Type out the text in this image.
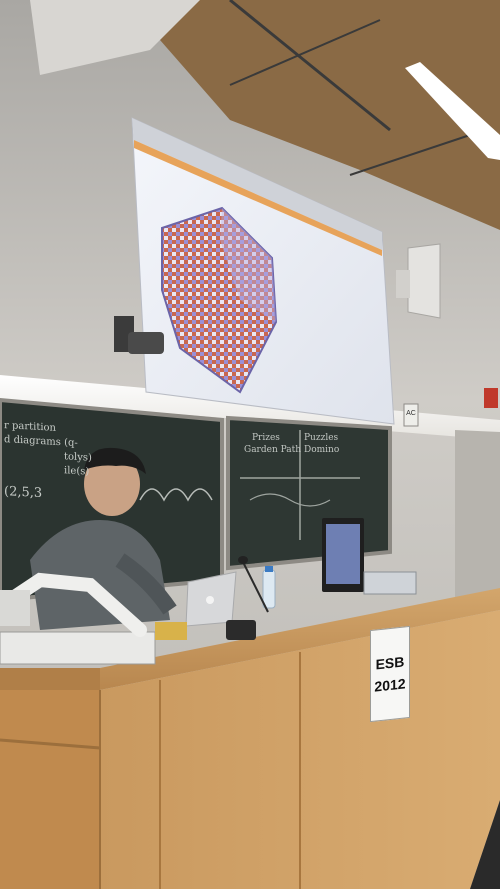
r partition
d diagrams (q-
tolys)
ile(s)
(2,5,3
Prizes
Garden Path
Puzzles
Domino
AC
ESB
2012
